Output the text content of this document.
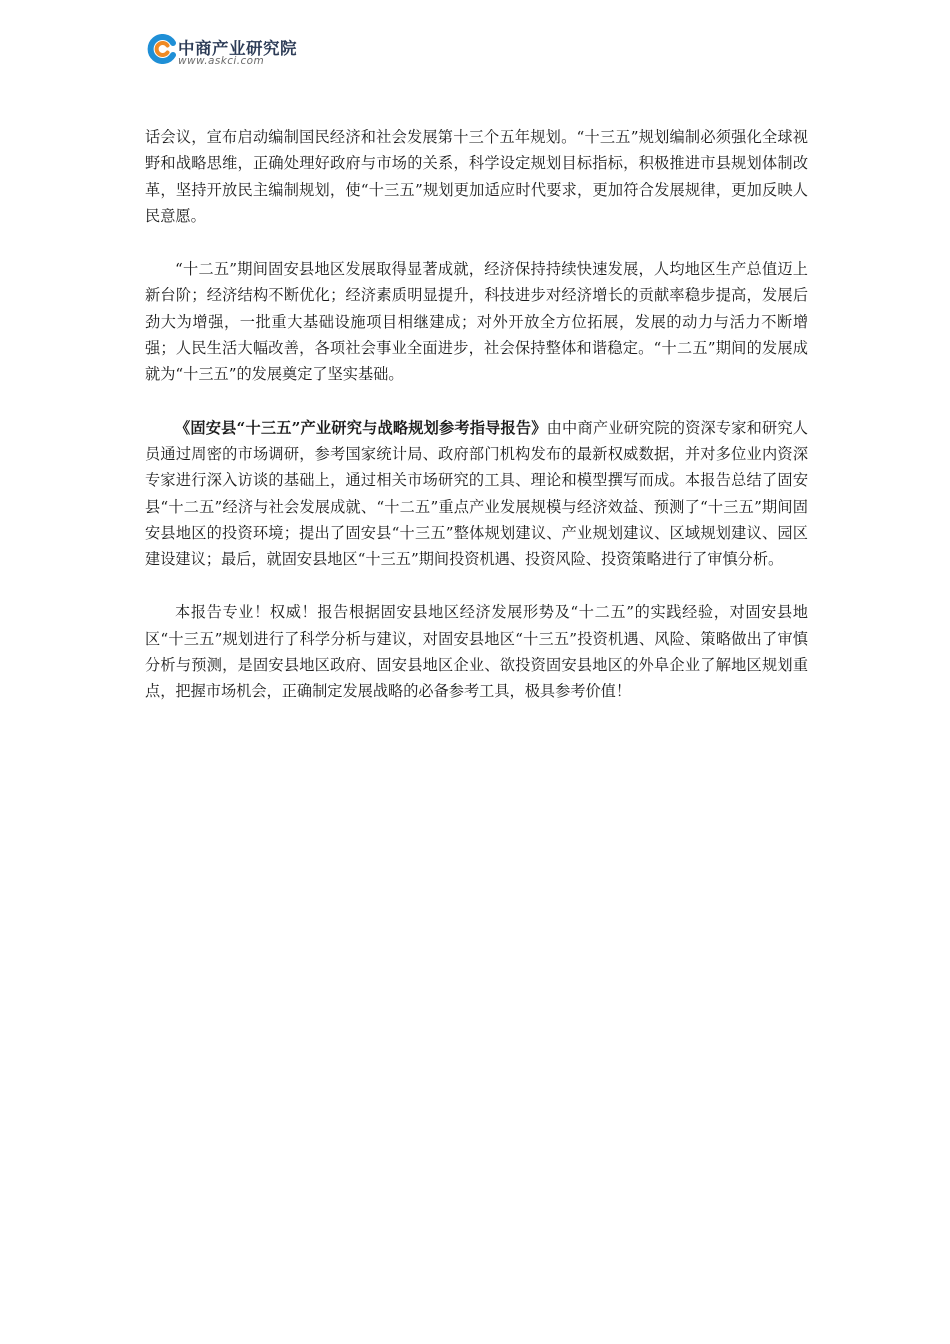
中商产业研究院
www.askci.com

话会议，宣布启动编制国民经济和社会发展第十三个五年规划。“十三五”规划编制必须强化全球视野和战略思维，正确处理好政府与市场的关系，科学设定规划目标指标，积极推进市县规划体制改革，坚持开放民主编制规划，使“十三五”规划更加适应时代要求，更加符合发展规律，更加反映人民意愿。

“十二五”期间固安县地区发展取得显著成就，经济保持持续快速发展，人均地区生产总值迈上新台阶；经济结构不断优化；经济素质明显提升，科技进步对经济增长的贡献率稳步提高，发展后劲大为增强，一批重大基础设施项目相继建成；对外开放全方位拓展，发展的动力与活力不断增强；人民生活大幅改善，各项社会事业全面进步，社会保持整体和谐稳定。“十二五”期间的发展成就为“十三五”的发展奠定了坚实基础。

《固安县“十三五”产业研究与战略规划参考指导报告》由中商产业研究院的资深专家和研究人员通过周密的市场调研，参考国家统计局、政府部门机构发布的最新权威数据，并对多位业内资深专家进行深入访谈的基础上，通过相关市场研究的工具、理论和模型撰写而成。本报告总结了固安县“十二五”经济与社会发展成就、“十二五”重点产业发展规模与经济效益、预测了“十三五”期间固安县地区的投资环境；提出了固安县“十三五”整体规划建议、产业规划建议、区域规划建议、园区建设建议；最后，就固安县地区“十三五”期间投资机遇、投资风险、投资策略进行了审慎分析。

本报告专业！权威！报告根据固安县地区经济发展形势及“十二五”的实践经验，对固安县地区“十三五”规划进行了科学分析与建议，对固安县地区“十三五”投资机遇、风险、策略做出了审慎分析与预测，是固安县地区政府、固安县地区企业、欲投资固安县地区的外阜企业了解地区规划重点，把握市场机会，正确制定发展战略的必备参考工具，极具参考价值！
